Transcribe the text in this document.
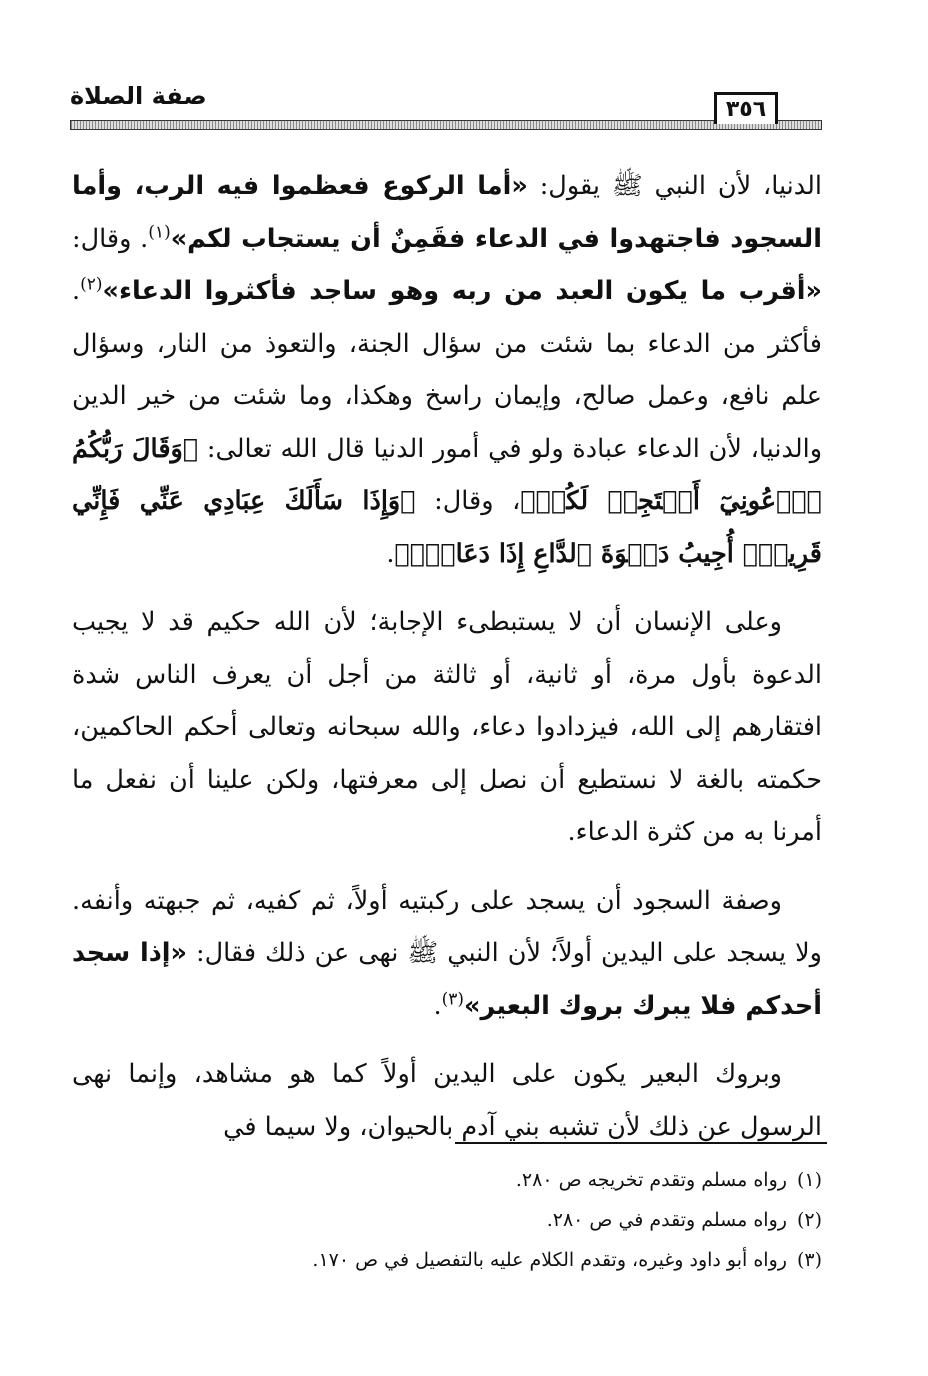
صفة الصلاة	٣٥٦

الدنيا، لأن النبي ﷺ يقول: «أما الركوع فعظموا فيه الرب، وأما السجود فاجتهدوا في الدعاء فقَمِنٌ أن يستجاب لكم»$^{(١)}$. وقال: «أقرب ما يكون العبد من ربه وهو ساجد فأكثروا الدعاء»$^{(٢)}$. فأكثر من الدعاء بما شئت من سؤال الجنة، والتعوذ من النار، وسؤال علم نافع، وعمل صالح، وإيمان راسخ وهكذا، وما شئت من خير الدين والدنيا، لأن الدعاء عبادة ولو في أمور الدنيا قال الله تعالى: ﴿وَقَالَ رَبُّكُمُ ٱدۡعُونِيٓ أَسۡتَجِبۡ لَكُمۡ﴾، وقال: ﴿وَإِذَا سَأَلَكَ عِبَادِي عَنِّي فَإِنِّي قَرِيبٌۖ أُجِيبُ دَعۡوَةَ ٱلدَّاعِ إِذَا دَعَانِۖ﴾.

وعلى الإنسان أن لا يستبطىء الإجابة؛ لأن الله حكيم قد لا يجيب الدعوة بأول مرة، أو ثانية، أو ثالثة من أجل أن يعرف الناس شدة افتقارهم إلى الله، فيزدادوا دعاء، والله سبحانه وتعالى أحكم الحاكمين، حكمته بالغة لا نستطيع أن نصل إلى معرفتها، ولكن علينا أن نفعل ما أمرنا به من كثرة الدعاء.

وصفة السجود أن يسجد على ركبتيه أولاً، ثم كفيه، ثم جبهته وأنفه. ولا يسجد على اليدين أولاً؛ لأن النبي ﷺ نهى عن ذلك فقال: «إذا سجد أحدكم فلا يبرك بروك البعير»$^{(٣)}$.

وبروك البعير يكون على اليدين أولاً كما هو مشاهد، وإنما نهى الرسول عن ذلك لأن تشبه بني آدم بالحيوان، ولا سيما في

(١)رواه مسلم وتقدم تخريجه ص ٢٨٠.
(٢)رواه مسلم وتقدم في ص ٢٨٠.
(٣)رواه أبو داود وغيره، وتقدم الكلام عليه بالتفصيل في ص ١٧٠.
